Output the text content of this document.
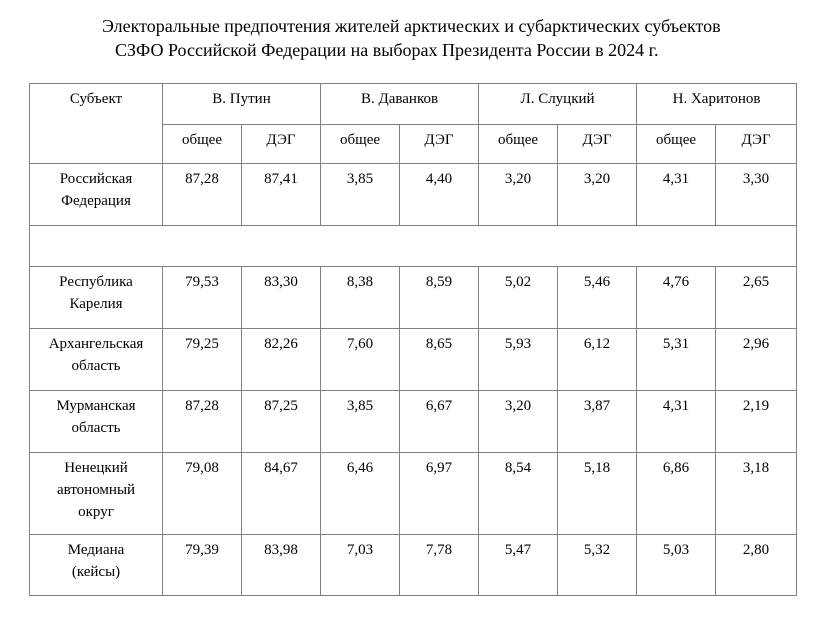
Электоральные предпочтения жителей арктических и субарктических субъектов
СЗФО Российской Федерации на выборах Президента России в 2024 г.
Субъект	В. Путин		В. Даванков		Л. Слуцкий		Н. Харитонов	
	общее	ДЭГ	общее	ДЭГ	общее	ДЭГ	общее	ДЭГ

Российская
Федерация	87,28	87,41	3,85	4,40	3,20	3,20	4,31	3,30

Республика
Карелия	79,53	83,30	8,38	8,59	5,02	5,46	4,76	2,65

Архангельская
область	79,25	82,26	7,60	8,65	5,93	6,12	5,31	2,96

Мурманская
область	87,28	87,25	3,85	6,67	3,20	3,87	4,31	2,19

Ненецкий
автономный
округ	79,08	84,67	6,46	6,97	8,54	5,18	6,86	3,18

Медиана
(кейсы)	79,39	83,98	7,03	7,78	5,47	5,32	5,03	2,80
